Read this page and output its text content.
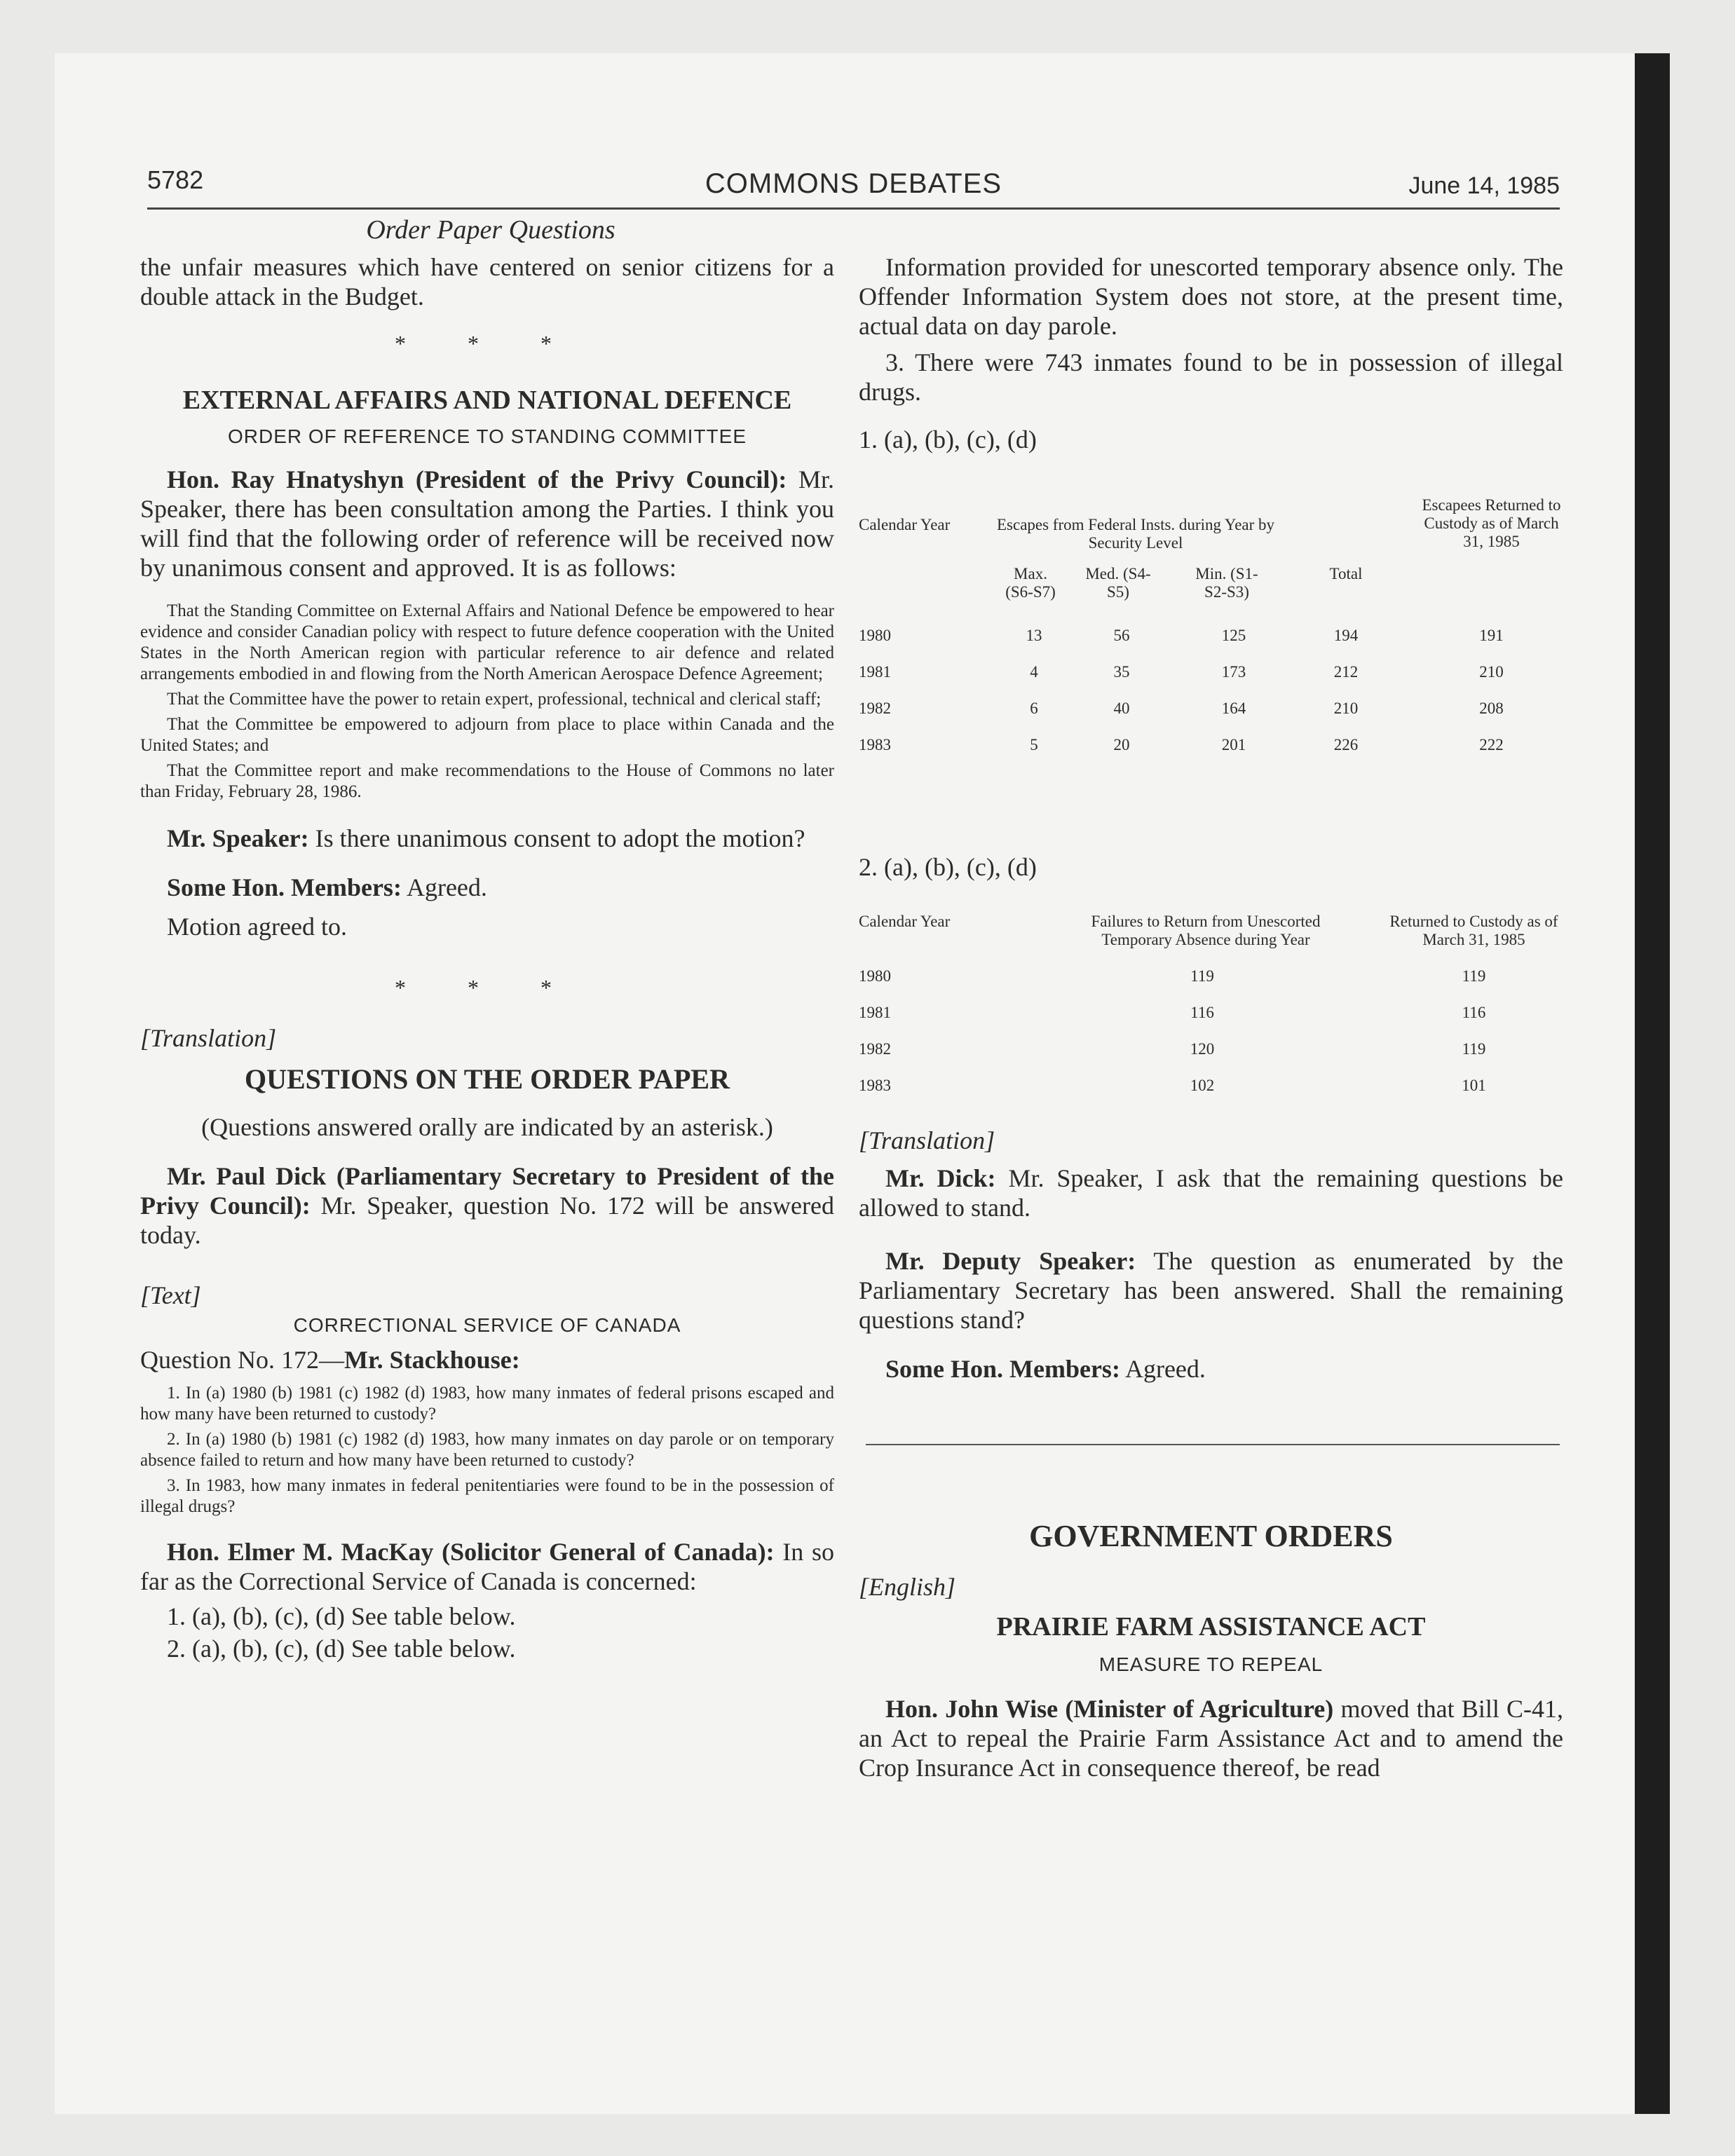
5782	COMMONS DEBATES	June 14, 1985
Order Paper Questions

the unfair measures which have centered on senior citizens for a double attack in the Budget.

* * *
EXTERNAL AFFAIRS AND NATIONAL DEFENCE
ORDER OF REFERENCE TO STANDING COMMITTEE

Hon. Ray Hnatyshyn (President of the Privy Council): Mr. Speaker, there has been consultation among the Parties. I think you will find that the following order of reference will be received now by unanimous consent and approved. It is as follows:

That the Standing Committee on External Affairs and National Defence be empowered to hear evidence and consider Canadian policy with respect to future defence cooperation with the United States in the North American region with particular reference to air defence and related arrangements embodied in and flowing from the North American Aerospace Defence Agreement;

That the Committee have the power to retain expert, professional, technical and clerical staff;

That the Committee be empowered to adjourn from place to place within Canada and the United States; and

That the Committee report and make recommendations to the House of Commons no later than Friday, February 28, 1986.

Mr. Speaker: Is there unanimous consent to adopt the motion?

Some Hon. Members: Agreed.

Motion agreed to.

* * *

[Translation]

QUESTIONS ON THE ORDER PAPER

(Questions answered orally are indicated by an asterisk.)

Mr. Paul Dick (Parliamentary Secretary to President of the Privy Council): Mr. Speaker, question No. 172 will be answered today.

[Text]

CORRECTIONAL SERVICE OF CANADA

Question No. 172—Mr. Stackhouse:

1. In (a) 1980 (b) 1981 (c) 1982 (d) 1983, how many inmates of federal prisons escaped and how many have been returned to custody?

2. In (a) 1980 (b) 1981 (c) 1982 (d) 1983, how many inmates on day parole or on temporary absence failed to return and how many have been returned to custody?

3. In 1983, how many inmates in federal penitentiaries were found to be in the possession of illegal drugs?

Hon. Elmer M. MacKay (Solicitor General of Canada): In so far as the Correctional Service of Canada is concerned:

1. (a), (b), (c), (d) See table below.

2. (a), (b), (c), (d) See table below.

Information provided for unescorted temporary absence only. The Offender Information System does not store, at the present time, actual data on day parole.

3. There were 743 inmates found to be in possession of illegal drugs.

1. (a), (b), (c), (d)

Calendar Year	Escapes from Federal Insts. during Year by Security Level				Escapees Returned to Custody as of March 31, 1985
	Max. (S6-S7)	Med. (S4-S5)	Min. (S1-S2-S3)	Total	
1980	13	56	125	194	191
1981	4	35	173	212	210
1982	6	40	164	210	208
1983	5	20	201	226	222

2. (a), (b), (c), (d)

Calendar Year	Failures to Return from Unescorted Temporary Absence during Year	Returned to Custody as of March 31, 1985
1980	119	119
1981	116	116
1982	120	119
1983	102	101

[Translation]

Mr. Dick: Mr. Speaker, I ask that the remaining questions be allowed to stand.

Mr. Deputy Speaker: The question as enumerated by the Parliamentary Secretary has been answered. Shall the remaining questions stand?

Some Hon. Members: Agreed.

GOVERNMENT ORDERS

[English]

PRAIRIE FARM ASSISTANCE ACT
MEASURE TO REPEAL

Hon. John Wise (Minister of Agriculture) moved that Bill C-41, an Act to repeal the Prairie Farm Assistance Act and to amend the Crop Insurance Act in consequence thereof, be read
